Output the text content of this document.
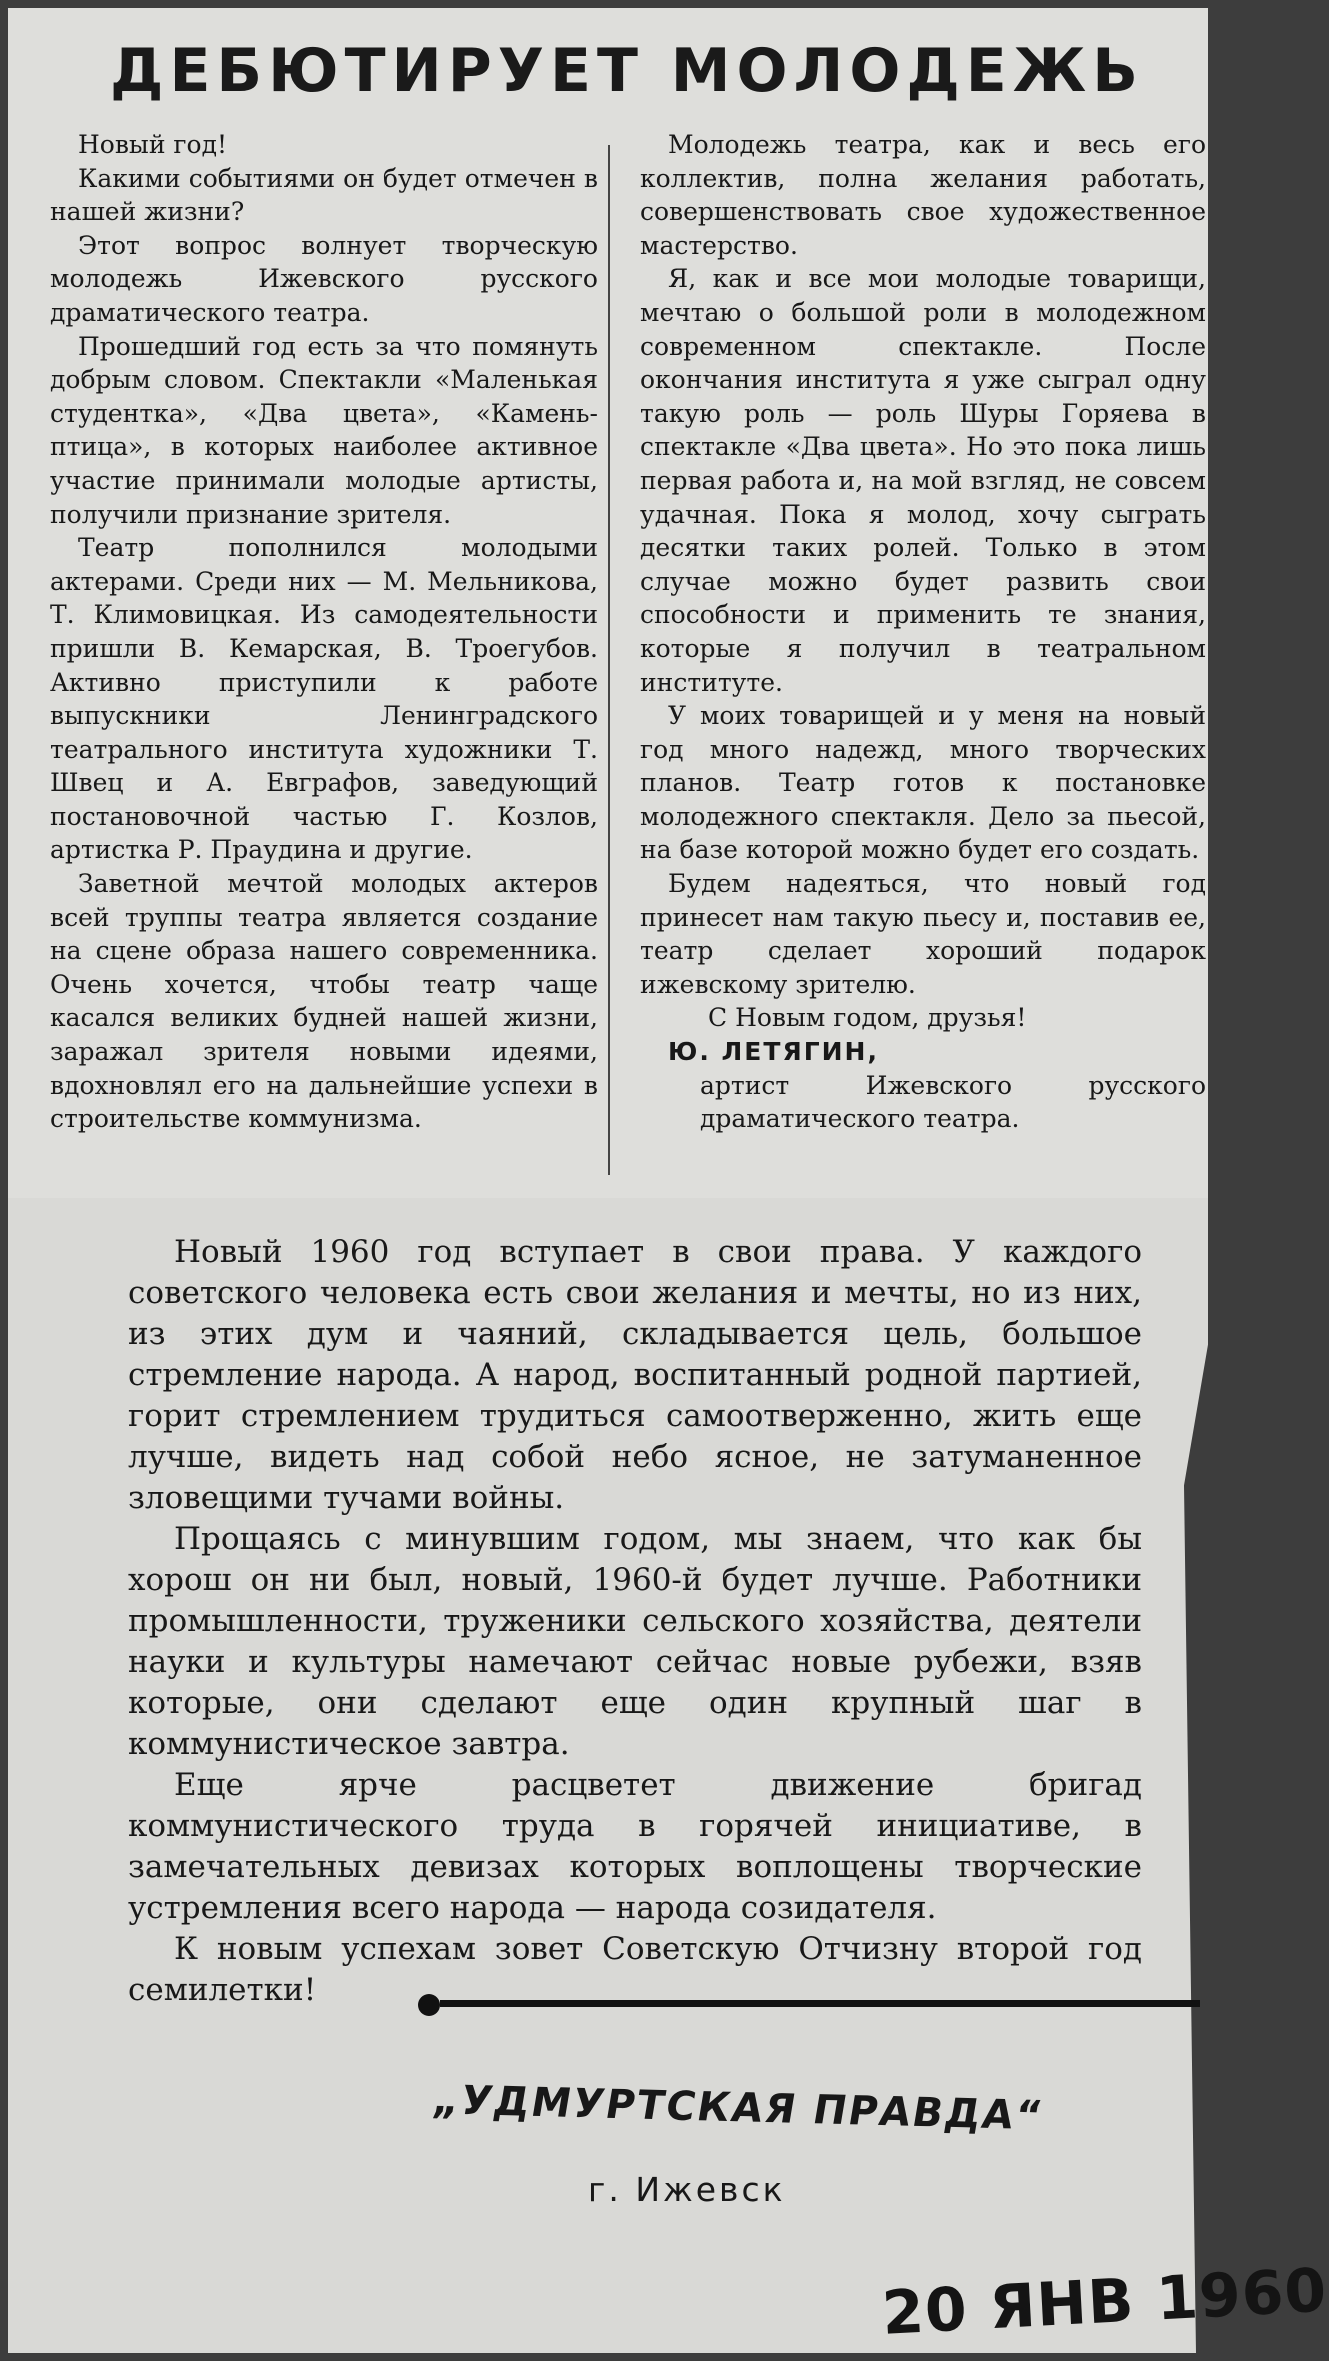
ДЕБЮТИРУЕТ МОЛОДЕЖЬ

Новый год!

Какими событиями он будет отмечен в нашей жизни?

Этот вопрос волнует творческую молодежь Ижевского русского драматического театра.

Прошедший год есть за что помянуть добрым словом. Спектакли «Маленькая студентка», «Два цвета», «Камень-птица», в которых наиболее активное участие принимали молодые артисты, получили признание зрителя.

Театр пополнился молодыми актерами. Среди них — М. Мельникова, Т. Климовицкая. Из самодеятельности пришли В. Кемарская, В. Троегубов. Активно приступили к работе выпускники Ленинградского театрального института художники Т. Швец и А. Евграфов, заведующий постановочной частью Г. Козлов, артистка Р. Праудина и другие.

Заветной мечтой молодых актеров всей труппы театра является создание на сцене образа нашего современника. Очень хочется, чтобы театр чаще касался великих будней нашей жизни, заражал зрителя новыми идеями, вдохновлял его на дальнейшие успехи в строительстве коммунизма.

Молодежь театра, как и весь его коллектив, полна желания работать, совершенствовать свое художественное мастерство.

Я, как и все мои молодые товарищи, мечтаю о большой роли в молодежном современном спектакле. После окончания института я уже сыграл одну такую роль — роль Шуры Горяева в спектакле «Два цвета». Но это пока лишь первая работа и, на мой взгляд, не совсем удачная. Пока я молод, хочу сыграть десятки таких ролей. Только в этом случае можно будет развить свои способности и применить те знания, которые я получил в театральном институте.

У моих товарищей и у меня на новый год много надежд, много творческих планов. Театр готов к постановке молодежного спектакля. Дело за пьесой, на базе которой можно будет его создать.

Будем надеяться, что новый год принесет нам такую пьесу и, поставив ее, театр сделает хороший подарок ижевскому зрителю.

С Новым годом, друзья!

Ю. ЛЕТЯГИН,

артист Ижевского русского драматического театра.

Новый 1960 год вступает в свои права. У каждого советского человека есть свои желания и мечты, но из них, из этих дум и чаяний, складывается цель, большое стремление народа. А народ, воспитанный родной партией, горит стремлением трудиться самоотверженно, жить еще лучше, видеть над собой небо ясное, не затуманенное зловещими тучами войны.

Прощаясь с минувшим годом, мы знаем, что как бы хорош он ни был, новый, 1960-й будет лучше. Работники промышленности, труженики сельского хозяйства, деятели науки и культуры намечают сейчас новые рубежи, взяв которые, они сделают еще один крупный шаг в коммунистическое завтра.

Еще ярче расцветет движение бригад коммунистического труда в горячей инициативе, в замечательных девизах которых воплощены творческие устремления всего народа — народа созидателя.

К новым успехам зовет Советскую Отчизну второй год семилетки!

„УДМУРТСКАЯ ПРАВДА“
г. Ижевск
20 ЯНВ 1960
